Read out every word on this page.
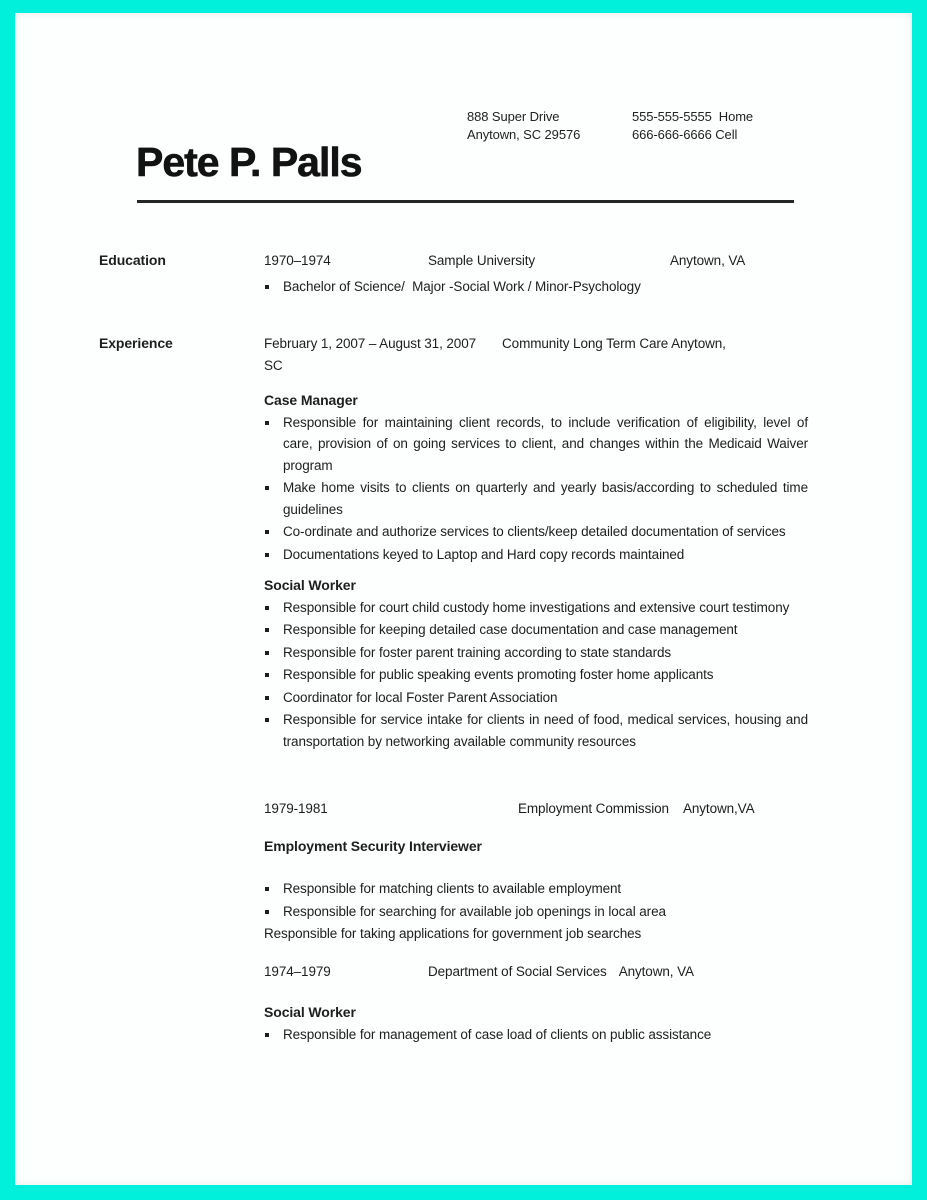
888 Super Drive
Anytown, SC 29576
555-555-5555  Home
666-666-6666 Cell
Pete P. Palls
Education	1970–1974	Sample University	Anytown, VA
Bachelor of Science/  Major -Social Work / Minor-Psychology
Experience	February 1, 2007 – August 31, 2007 Community Long Term Care Anytown,
SC
Case Manager
Responsible for maintaining client records, to include verification of eligibility, level of care, provision of on going services to client, and changes within the Medicaid Waiver program
Make home visits to clients on quarterly and yearly basis/according to scheduled time guidelines
Co-ordinate and authorize services to clients/keep detailed documentation of services
Documentations keyed to Laptop and Hard copy records maintained
Social Worker
Responsible for court child custody home investigations and extensive court testimony
Responsible for keeping detailed case documentation and case management
Responsible for foster parent training according to state standards
Responsible for public speaking events promoting foster home applicants
Coordinator for local Foster Parent Association
Responsible for service intake for clients in need of food, medical services, housing and transportation by networking available community resources
1979-1981	Employment Commission Anytown,VA
Employment Security Interviewer
Responsible for matching clients to available employment
Responsible for searching for available job openings in local area
Responsible for taking applications for government job searches
1974–1979	Department of Social Services Anytown, VA
Social Worker
Responsible for management of case load of clients on public assistance
